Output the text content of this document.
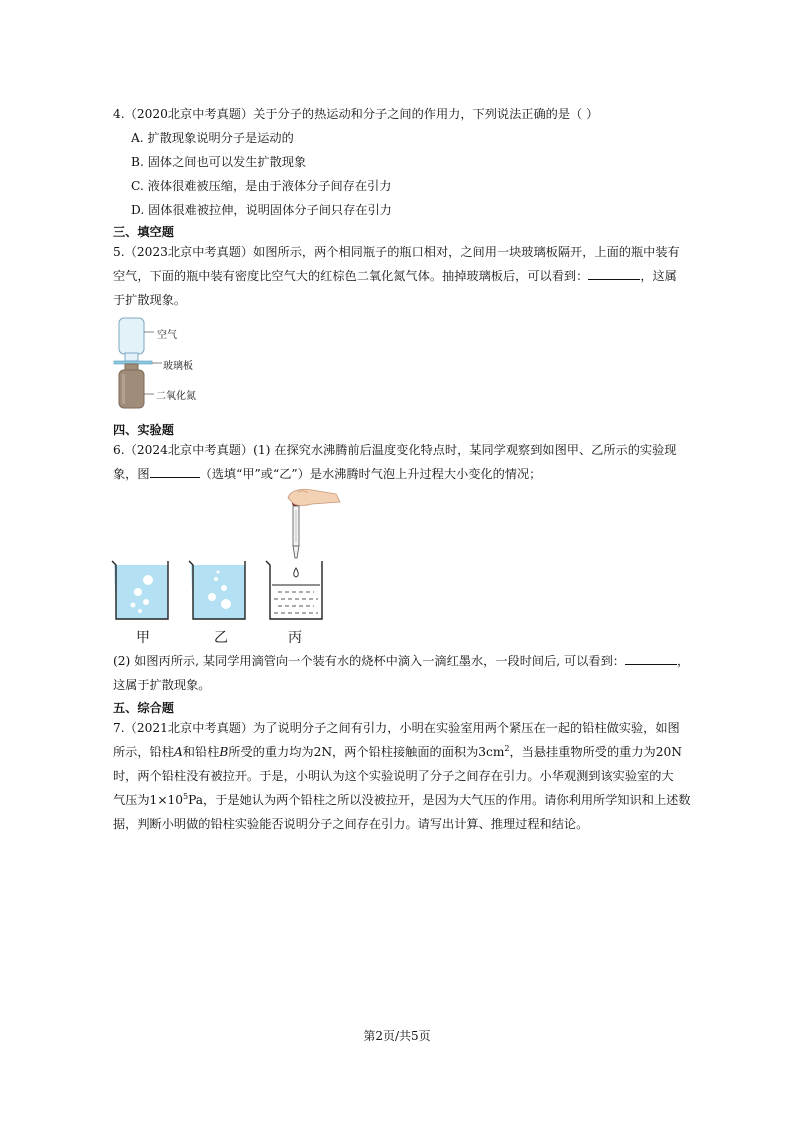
4.（2020北京中考真题）关于分子的热运动和分子之间的作用力，下列说法正确的是（ ）
A. 扩散现象说明分子是运动的
B. 固体之间也可以发生扩散现象
C. 液体很难被压缩，是由于液体分子间存在引力
D. 固体很难被拉伸，说明固体分子间只存在引力
三、填空题
5.（2023北京中考真题）如图所示，两个相同瓶子的瓶口相对，之间用一块玻璃板隔开，上面的瓶中装有
空气，下面的瓶中装有密度比空气大的红棕色二氧化氮气体。抽掉玻璃板后，可以看到：	，这属
于扩散现象。
空气
玻璃板
二氧化氮
四、实验题
6.（2024北京中考真题）(1) 在探究水沸腾前后温度变化特点时，某同学观察到如图甲、乙所示的实验现
象，图	（选填“甲”或“乙”）是水沸腾时气泡上升过程大小变化的情况；
甲	乙	丙
(2) 如图丙所示, 某同学用滴管向一个装有水的烧杯中滴入一滴红墨水，一段时间后, 可以看到：	，
这属于扩散现象。
五、综合题
7.（2021北京中考真题）为了说明分子之间有引力，小明在实验室用两个紧压在一起的铅柱做实验，如图
所示，铅柱A和铅柱B所受的重力均为2N，两个铅柱接触面的面积为$3cm^2$，当悬挂重物所受的重力为20N
时，两个铅柱没有被拉开。于是，小明认为这个实验说明了分子之间存在引力。小华观测到该实验室的大
气压为$1\times 10^5Pa$，于是她认为两个铅柱之所以没被拉开，是因为大气压的作用。请你利用所学知识和上述数
据，判断小明做的铅柱实验能否说明分子之间存在引力。请写出计算、推理过程和结论。
第2页/共5页
